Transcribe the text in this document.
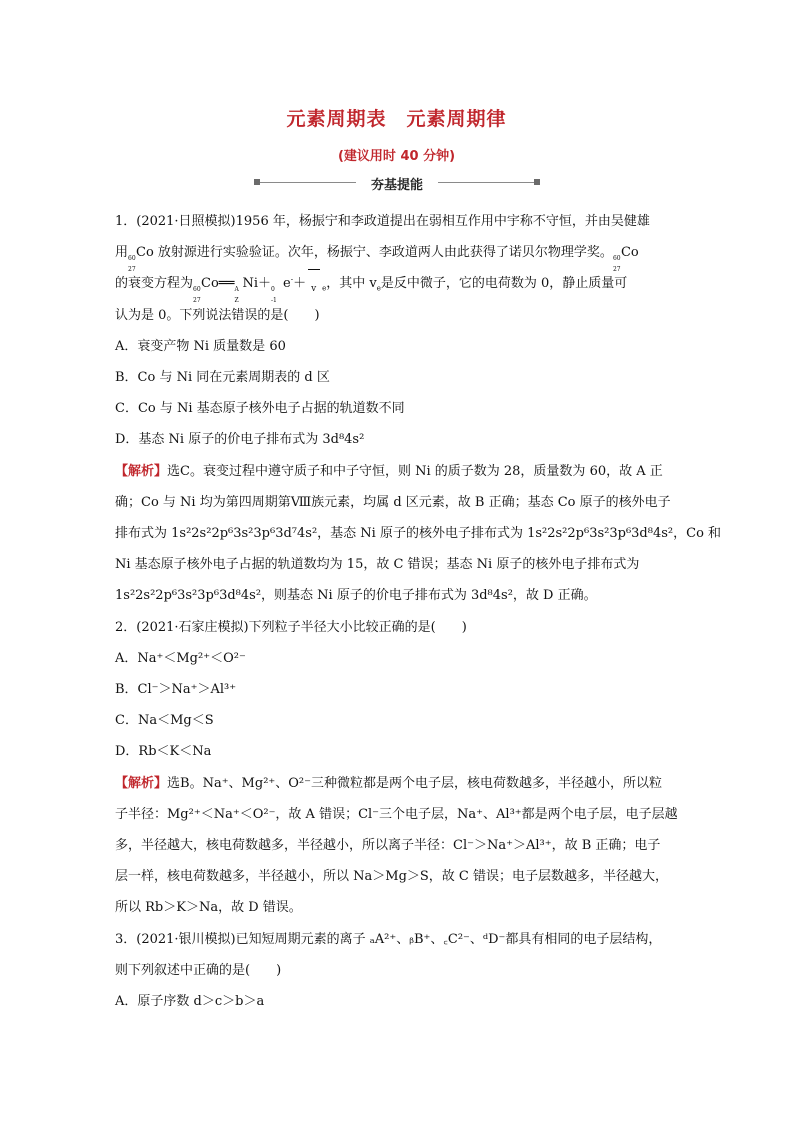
元素周期表　元素周期律
(建议用时 40 分钟)
夯基提能

1．(2021·日照模拟)1956 年，杨振宁和李政道提出在弱相互作用中宇称不守恒，并由吴健雄

用 60
27
Co 放射源进行实验验证。次年，杨振宁、李政道两人由此获得了诺贝尔物理学奖。 60
27
Co

的衰变方程为 60
27
Co══ A
Z
Ni＋ 0
-1
e-＋ v $_e$，其中 $v_e$是反中微子，它的电荷数为 0，静止质量可

认为是 0。下列说法错误的是(　　)

A．衰变产物 Ni 质量数是 60

B．Co 与 Ni 同在元素周期表的 d 区

C．Co 与 Ni 基态原子核外电子占据的轨道数不同

D．基态 Ni 原子的价电子排布式为 3d⁸4s²

【解析】选C。衰变过程中遵守质子和中子守恒，则 Ni 的质子数为 28，质量数为 60，故 A 正

确；Co 与 Ni 均为第四周期第Ⅷ族元素，均属 d 区元素，故 B 正确；基态 Co 原子的核外电子

排布式为 1s²2s²2p⁶3s²3p⁶3d⁷4s²，基态 Ni 原子的核外电子排布式为 1s²2s²2p⁶3s²3p⁶3d⁸4s²，Co 和

Ni 基态原子核外电子占据的轨道数均为 15，故 C 错误；基态 Ni 原子的核外电子排布式为

1s²2s²2p⁶3s²3p⁶3d⁸4s²，则基态 Ni 原子的价电子排布式为 3d⁸4s²，故 D 正确。

2．(2021·石家庄模拟)下列粒子半径大小比较正确的是(　　)

A．Na⁺＜Mg²⁺＜O²⁻

B．Cl⁻＞Na⁺＞Al³⁺

C．Na＜Mg＜S

D．Rb＜K＜Na

【解析】选B。Na⁺、Mg²⁺、O²⁻三种微粒都是两个电子层，核电荷数越多，半径越小，所以粒

子半径：Mg²⁺＜Na⁺＜O²⁻，故 A 错误；Cl⁻三个电子层，Na⁺、Al³⁺都是两个电子层，电子层越

多，半径越大，核电荷数越多，半径越小，所以离子半径：Cl⁻＞Na⁺＞Al³⁺，故 B 正确；电子

层一样，核电荷数越多，半径越小，所以 Na＞Mg＞S，故 C 错误；电子层数越多，半径越大，

所以 Rb＞K＞Na，故 D 错误。

3．(2021·银川模拟)已知短周期元素的离子 ₐA²⁺、ᵦB⁺、꜀C²⁻、ᵈD⁻都具有相同的电子层结构，

则下列叙述中正确的是(　　)

A．原子序数 d＞c＞b＞a
